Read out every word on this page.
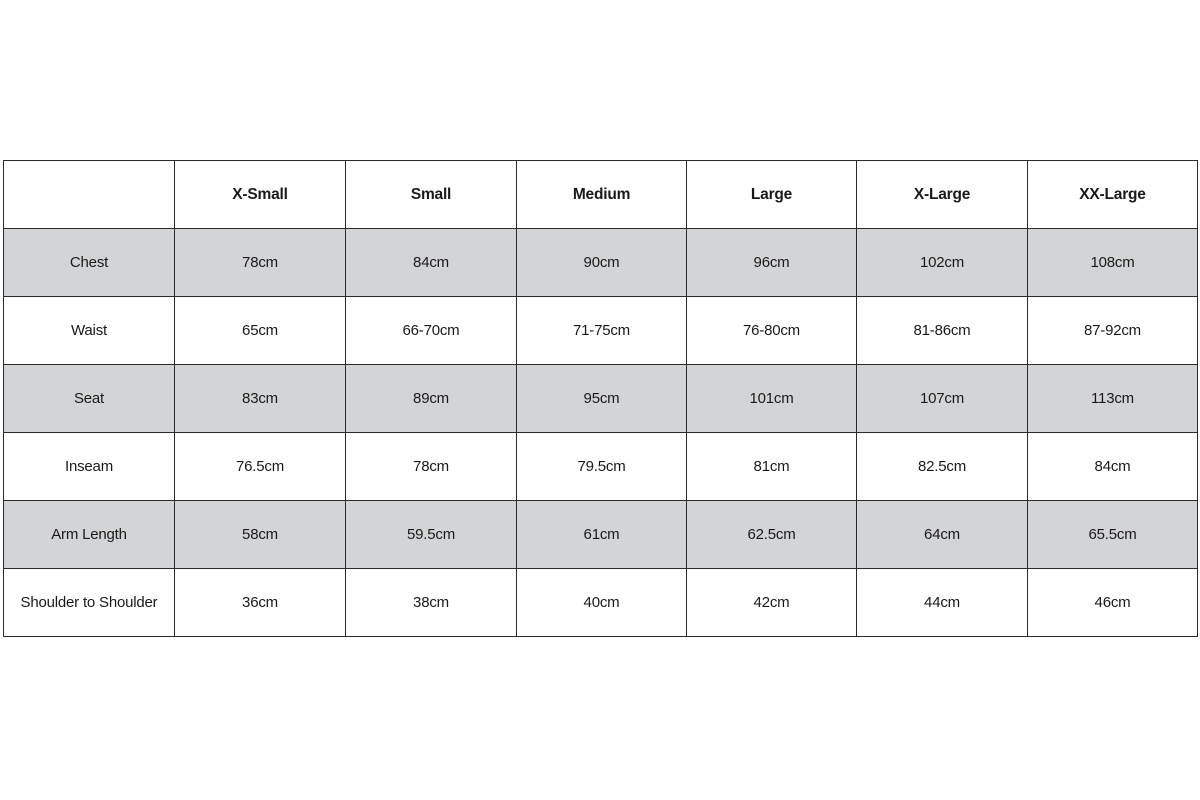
	X-Small	Small	Medium	Large	X-Large	XX-Large
Chest	78cm	84cm	90cm	96cm	102cm	108cm
Waist	65cm	66-70cm	71-75cm	76-80cm	81-86cm	87-92cm
Seat	83cm	89cm	95cm	101cm	107cm	113cm
Inseam	76.5cm	78cm	79.5cm	81cm	82.5cm	84cm
Arm Length	58cm	59.5cm	61cm	62.5cm	64cm	65.5cm
Shoulder to Shoulder	36cm	38cm	40cm	42cm	44cm	46cm
